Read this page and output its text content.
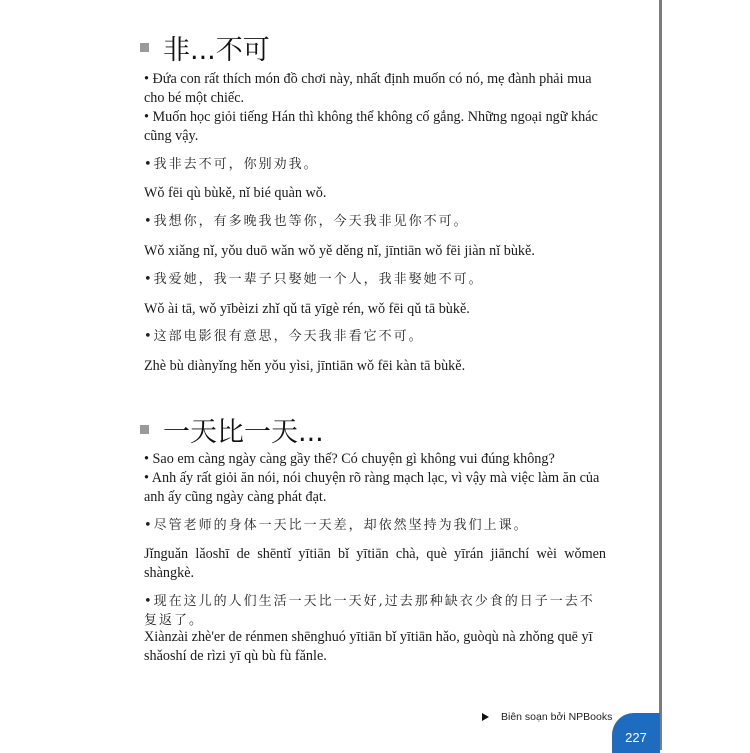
非...不可
• Đứa con rất thích món đồ chơi này, nhất định muốn có nó, mẹ đành phải mua cho bé một chiếc.
• Muốn học giỏi tiếng Hán thì không thể không cố gắng. Những ngoại ngữ khác cũng vậy.
•我非去不可，你别劝我。
Wǒ fēi qù bùkě, nǐ bié quàn wǒ.
•我想你，有多晚我也等你，今天我非见你不可。
Wǒ xiǎng nǐ, yǒu duō wǎn wǒ yě děng nǐ, jīntiān wǒ fēi jiàn nǐ bùkě.
•我爱她，我一辈子只娶她一个人，我非娶她不可。
Wǒ ài tā, wǒ yībèizi zhǐ qǔ tā yīgè rén, wǒ fēi qǔ tā bùkě.
•这部电影很有意思，今天我非看它不可。
Zhè bù diànyǐng hěn yǒu yìsi, jīntiān wǒ fēi kàn tā bùkě.
一天比一天...
• Sao em càng ngày càng gầy thế? Có chuyện gì không vui đúng không?
• Anh ấy rất giỏi ăn nói, nói chuyện rõ ràng mạch lạc, vì vậy mà việc làm ăn của anh ấy cũng ngày càng phát đạt.
•尽管老师的身体一天比一天差，却依然坚持为我们上课。
Jǐnguǎn lǎoshī de shēntǐ yītiān bǐ yītiān chà, què yīrán jiānchí wèi wǒmen shàngkè.
•现在这儿的人们生活一天比一天好,过去那种缺衣少食的日子一去不复返了。
Xiànzài zhè'er de rénmen shēnghuó yītiān bǐ yītiān hǎo, guòqù nà zhǒng quē yī shǎoshí de rìzi yī qù bù fù fǎnle.
Biên soạn bởi NPBooks
227
